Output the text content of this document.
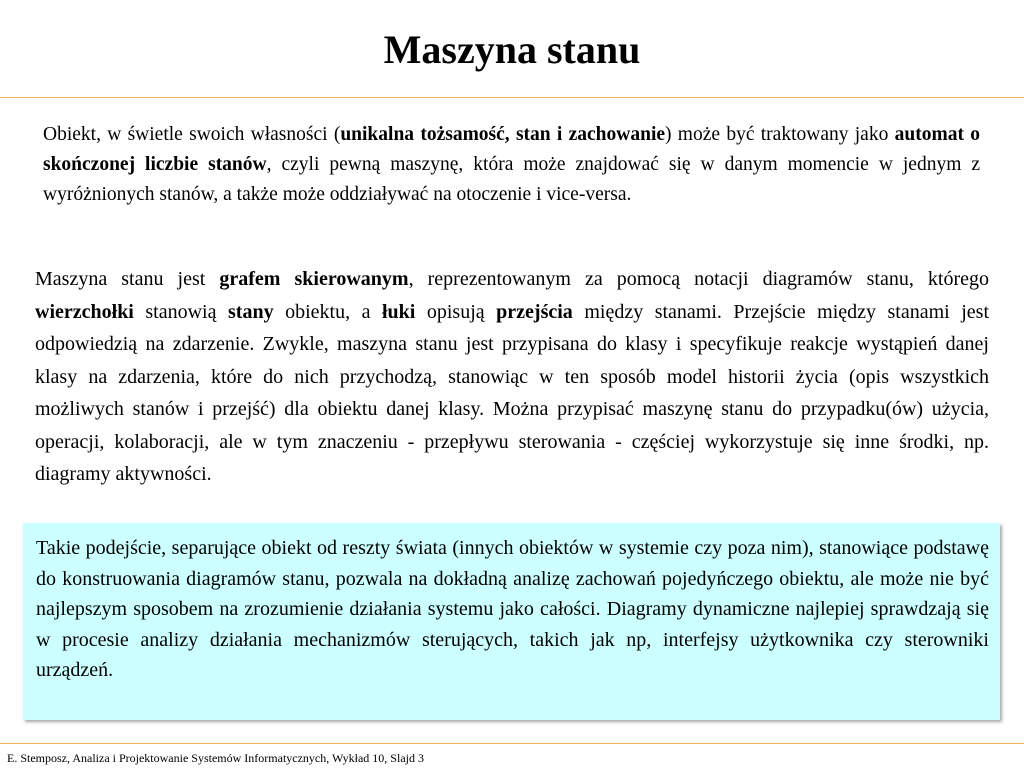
Maszyna stanu

Obiekt, w świetle swoich własności (unikalna tożsamość, stan i zachowanie) może być traktowany jako automat o skończonej liczbie stanów, czyli pewną maszynę, która może znajdować się w danym momencie w jednym z wyróżnionych stanów, a także może oddziaływać na otoczenie i vice-versa.

Maszyna stanu jest grafem skierowanym, reprezentowanym za pomocą notacji diagramów stanu, którego wierzchołki stanowią stany obiektu, a łuki opisują przejścia między stanami. Przejście między stanami jest odpowiedzią na zdarzenie. Zwykle, maszyna stanu jest przypisana do klasy i specyfikuje reakcje wystąpień danej klasy na zdarzenia, które do nich przychodzą, stanowiąc w ten sposób model historii życia (opis wszystkich możliwych stanów i przejść) dla obiektu danej klasy. Można przypisać maszynę stanu do przypadku(ów) użycia, operacji, kolaboracji, ale w tym znaczeniu - przepływu sterowania - częściej wykorzystuje się inne środki, np. diagramy aktywności.

Takie podejście, separujące obiekt od reszty świata (innych obiektów w systemie czy poza nim), stanowiące podstawę do konstruowania diagramów stanu, pozwala na dokładną analizę zachowań pojedyńczego obiektu, ale może nie być najlepszym sposobem na zrozumienie działania systemu jako całości. Diagramy dynamiczne najlepiej sprawdzają się w procesie analizy działania mechanizmów sterujących, takich jak np, interfejsy użytkownika czy sterowniki urządzeń.

E. Stemposz, Analiza i Projektowanie Systemów Informatycznych, Wykład 10, Slajd 3
